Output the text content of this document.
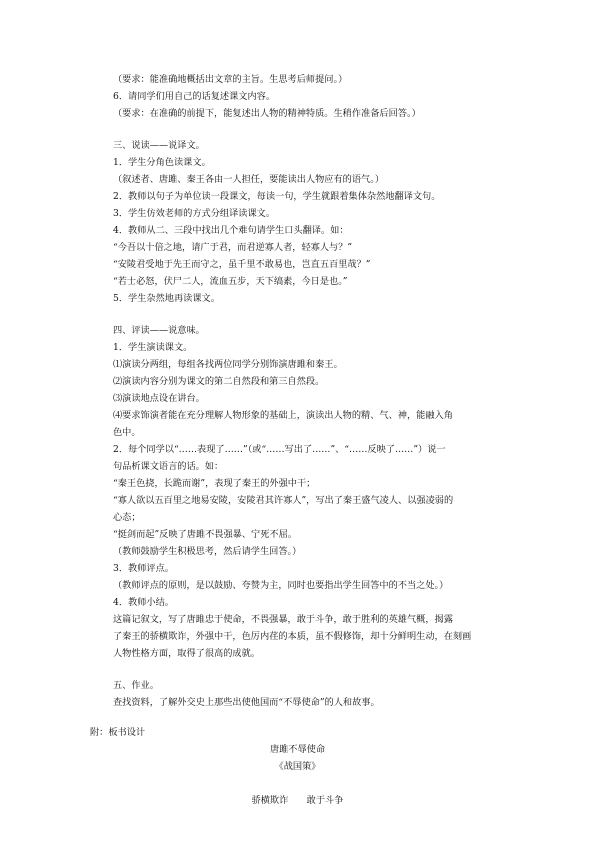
（要求：能准确地概括出文章的主旨。生思考后师提问。）
6．请同学们用自己的话复述课文内容。
（要求：在准确的前提下，能复述出人物的精神特质。生稍作准备后回答。）
三、说读——说译文。
1．学生分角色读课文。
（叙述者、唐雎、秦王各由一人担任，要能读出人物应有的语气。）
2．教师以句子为单位读一段课文，每读一句，学生就跟着集体杂然地翻译文句。
3．学生仿效老师的方式分组译读课文。
4．教师从二、三段中找出几个难句请学生口头翻译。如：
“今吾以十倍之地，请广于君，而君逆寡人者，轻寡人与？”
“安陵君受地于先王而守之，虽千里不敢易也，岂直五百里哉？”
“若士必怒，伏尸二人，流血五步，天下缟素，今日是也。”
5．学生杂然地再读课文。
四、评读——说意味。
1．学生演读课文。
⑴演读分两组，每组各找两位同学分别饰演唐雎和秦王。
⑵演读内容分别为课文的第二自然段和第三自然段。
⑶演读地点设在讲台。
⑷要求饰演者能在充分理解人物形象的基础上，演读出人物的精、气、神，能融入角
色中。
2．每个同学以“……表现了……”（或“……写出了……”、“……反映了……”）说一
句品析课文语言的话。如：
“秦王色挠，长跪而谢”，表现了秦王的外强中干；
“寡人欲以五百里之地易安陵，安陵君其许寡人”，写出了秦王盛气凌人、以强凌弱的
心态；
“挺剑而起”反映了唐雎不畏强暴、宁死不屈。
（教师鼓励学生积极思考，然后请学生回答。）
3．教师评点。
（教师评点的原则，是以鼓励、夸赞为主，同时也要指出学生回答中的不当之处。）
4．教师小结。
这篇记叙文，写了唐雎忠于使命，不畏强暴，敢于斗争，敢于胜利的英雄气概，揭露
了秦王的骄横欺诈，外强中干，色厉内荏的本质，虽不假修饰，却十分鲜明生动，在刻画
人物性格方面，取得了很高的成就。
五、作业。
查找资料，了解外交史上那些出使他国而“不辱使命”的人和故事。
附：板书设计
唐雎不辱使命
《战国策》
骄横欺诈　　敢于斗争
